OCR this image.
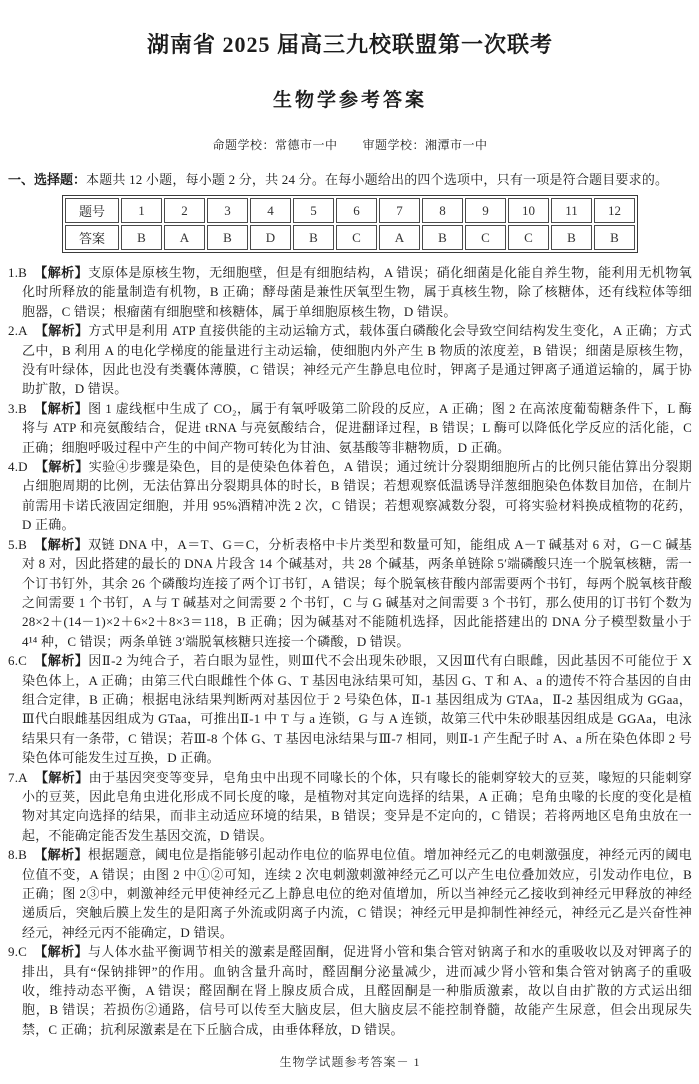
湖南省 2025 届高三九校联盟第一次联考
生物学参考答案

命题学校：常德市一中　　审题学校：湘潭市一中

一、选择题：本题共 12 小题，每小题 2 分，共 24 分。在每小题给出的四个选项中，只有一项是符合题目要求的。

题号	1	2	3	4	5	6	7	8	9	10	11	12
答案	B	A	B	D	B	C	A	B	C	C	B	B

1.B 【解析】支原体是原核生物，无细胞壁，但是有细胞结构，A 错误；硝化细菌是化能自养生物，能利用无机物氧化时所释放的能量制造有机物，B 正确；酵母菌是兼性厌氧型生物，属于真核生物，除了核糖体，还有线粒体等细胞器，C 错误；根瘤菌有细胞壁和核糖体，属于单细胞原核生物，D 错误。

2.A 【解析】方式甲是利用 ATP 直接供能的主动运输方式，载体蛋白磷酸化会导致空间结构发生变化，A 正确；方式乙中，B 利用 A 的电化学梯度的能量进行主动运输，使细胞内外产生 B 物质的浓度差，B 错误；细菌是原核生物，没有叶绿体，因此也没有类囊体薄膜，C 错误；神经元产生静息电位时，钾离子是通过钾离子通道运输的，属于协助扩散，D 错误。

3.B 【解析】图 1 虚线框中生成了 CO₂，属于有氧呼吸第二阶段的反应，A 正确；图 2 在高浓度葡萄糖条件下，L 酶将与 ATP 和亮氨酸结合，促进 tRNA 与亮氨酸结合，促进翻译过程，B 错误；L 酶可以降低化学反应的活化能，C 正确；细胞呼吸过程中产生的中间产物可转化为甘油、氨基酸等非糖物质，D 正确。

4.D 【解析】实验④步骤是染色，目的是使染色体着色，A 错误；通过统计分裂期细胞所占的比例只能估算出分裂期占细胞周期的比例，无法估算出分裂期具体的时长，B 错误；若想观察低温诱导洋葱细胞染色体数目加倍，在制片前需用卡诺氏液固定细胞，并用 95%酒精冲洗 2 次，C 错误；若想观察减数分裂，可将实验材料换成植物的花药，D 正确。

5.B 【解析】双链 DNA 中，A＝T、G＝C，分析表格中卡片类型和数量可知，能组成 A－T 碱基对 6 对，G－C 碱基对 8 对，因此搭建的最长的 DNA 片段含 14 个碱基对，共 28 个碱基，两条单链除 5′端磷酸只连一个脱氧核糖，需一个订书钉外，其余 26 个磷酸均连接了两个订书钉，A 错误；每个脱氧核苷酸内部需要两个书钉，每两个脱氧核苷酸之间需要 1 个书钉，A 与 T 碱基对之间需要 2 个书钉，C 与 G 碱基对之间需要 3 个书钉，那么使用的订书钉个数为 28×2＋(14－1)×2＋6×2＋8×3＝118，B 正确；因为碱基对不能随机选择，因此能搭建出的 DNA 分子模型数量小于 4¹⁴ 种，C 错误；两条单链 3′端脱氧核糖只连接一个磷酸，D 错误。

6.C 【解析】因Ⅱ-2 为纯合子，若白眼为显性，则Ⅲ代不会出现朱砂眼，又因Ⅲ代有白眼雌，因此基因不可能位于 X 染色体上，A 正确；由第三代白眼雌性个体 G、T 基因电泳结果可知，基因 G、T 和 A、a 的遗传不符合基因的自由组合定律，B 正确；根据电泳结果判断两对基因位于 2 号染色体，Ⅱ-1 基因组成为 GTAa，Ⅱ-2 基因组成为 GGaa，Ⅲ代白眼雌基因组成为 GTaa，可推出Ⅱ-1 中 T 与 a 连锁，G 与 A 连锁，故第三代中朱砂眼基因组成是 GGAa，电泳结果只有一条带，C 错误；若Ⅲ-8 个体 G、T 基因电泳结果与Ⅲ-7 相同，则Ⅱ-1 产生配子时 A、a 所在染色体即 2 号染色体可能发生过互换，D 正确。

7.A 【解析】由于基因突变等变异，皂角虫中出现不同喙长的个体，只有喙长的能刺穿较大的豆荚，喙短的只能刺穿小的豆荚，因此皂角虫进化形成不同长度的喙，是植物对其定向选择的结果，A 正确；皂角虫喙的长度的变化是植物对其定向选择的结果，而非主动适应环境的结果，B 错误；变异是不定向的，C 错误；若将两地区皂角虫放在一起，不能确定能否发生基因交流，D 错误。

8.B 【解析】根据题意，阈电位是指能够引起动作电位的临界电位值。增加神经元乙的电刺激强度，神经元丙的阈电位值不变，A 错误；由图 2 中①②可知，连续 2 次电刺激刺激神经元乙可以产生电位叠加效应，引发动作电位，B 正确；图 2③中，刺激神经元甲使神经元乙上静息电位的绝对值增加，所以当神经元乙接收到神经元甲释放的神经递质后，突触后膜上发生的是阳离子外流或阴离子内流，C 错误；神经元甲是抑制性神经元，神经元乙是兴奋性神经元，神经元丙不能确定，D 错误。

9.C 【解析】与人体水盐平衡调节相关的激素是醛固酮，促进肾小管和集合管对钠离子和水的重吸收以及对钾离子的排出，具有“保钠排钾”的作用。血钠含量升高时，醛固酮分泌量减少，进而减少肾小管和集合管对钠离子的重吸收，维持动态平衡，A 错误；醛固酮在肾上腺皮质合成，且醛固酮是一种脂质激素，故以自由扩散的方式运出细胞，B 错误；若损伤②通路，信号可以传至大脑皮层，但大脑皮层不能控制脊髓，故能产生尿意，但会出现尿失禁，C 正确；抗利尿激素是在下丘脑合成，由垂体释放，D 错误。

生物学试题参考答案－ 1
